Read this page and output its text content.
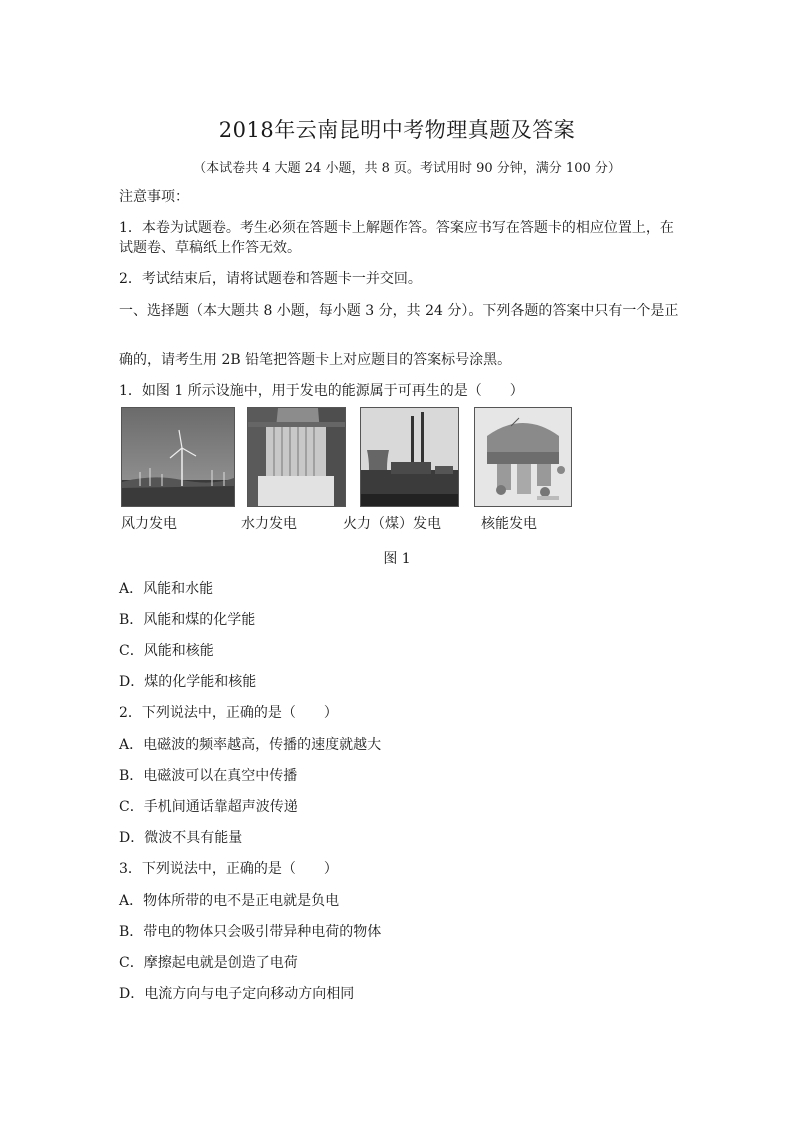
2018年云南昆明中考物理真题及答案
（本试卷共 4 大题 24 小题，共 8 页。考试用时 90 分钟，满分 100 分）
注意事项：
1．本卷为试题卷。考生必须在答题卡上解题作答。答案应书写在答题卡的相应位置上，在试题卷、草稿纸上作答无效。
2．考试结束后，请将试题卷和答题卡一并交回。
一、选择题（本大题共 8 小题，每小题 3 分，共 24 分）。下列各题的答案中只有一个是正
确的，请考生用 2B 铅笔把答题卡上对应题目的答案标号涂黑。
1．如图 1 所示设施中，用于发电的能源属于可再生的是（　　）
风力发电	水力发电	火力（煤）发电	核能发电
图 1
A．风能和水能
B．风能和煤的化学能
C．风能和核能
D．煤的化学能和核能
2．下列说法中，正确的是（　　）
A．电磁波的频率越高，传播的速度就越大
B．电磁波可以在真空中传播
C．手机间通话靠超声波传递
D．微波不具有能量
3．下列说法中，正确的是（　　）
A．物体所带的电不是正电就是负电
B．带电的物体只会吸引带异种电荷的物体
C．摩擦起电就是创造了电荷
D．电流方向与电子定向移动方向相同
